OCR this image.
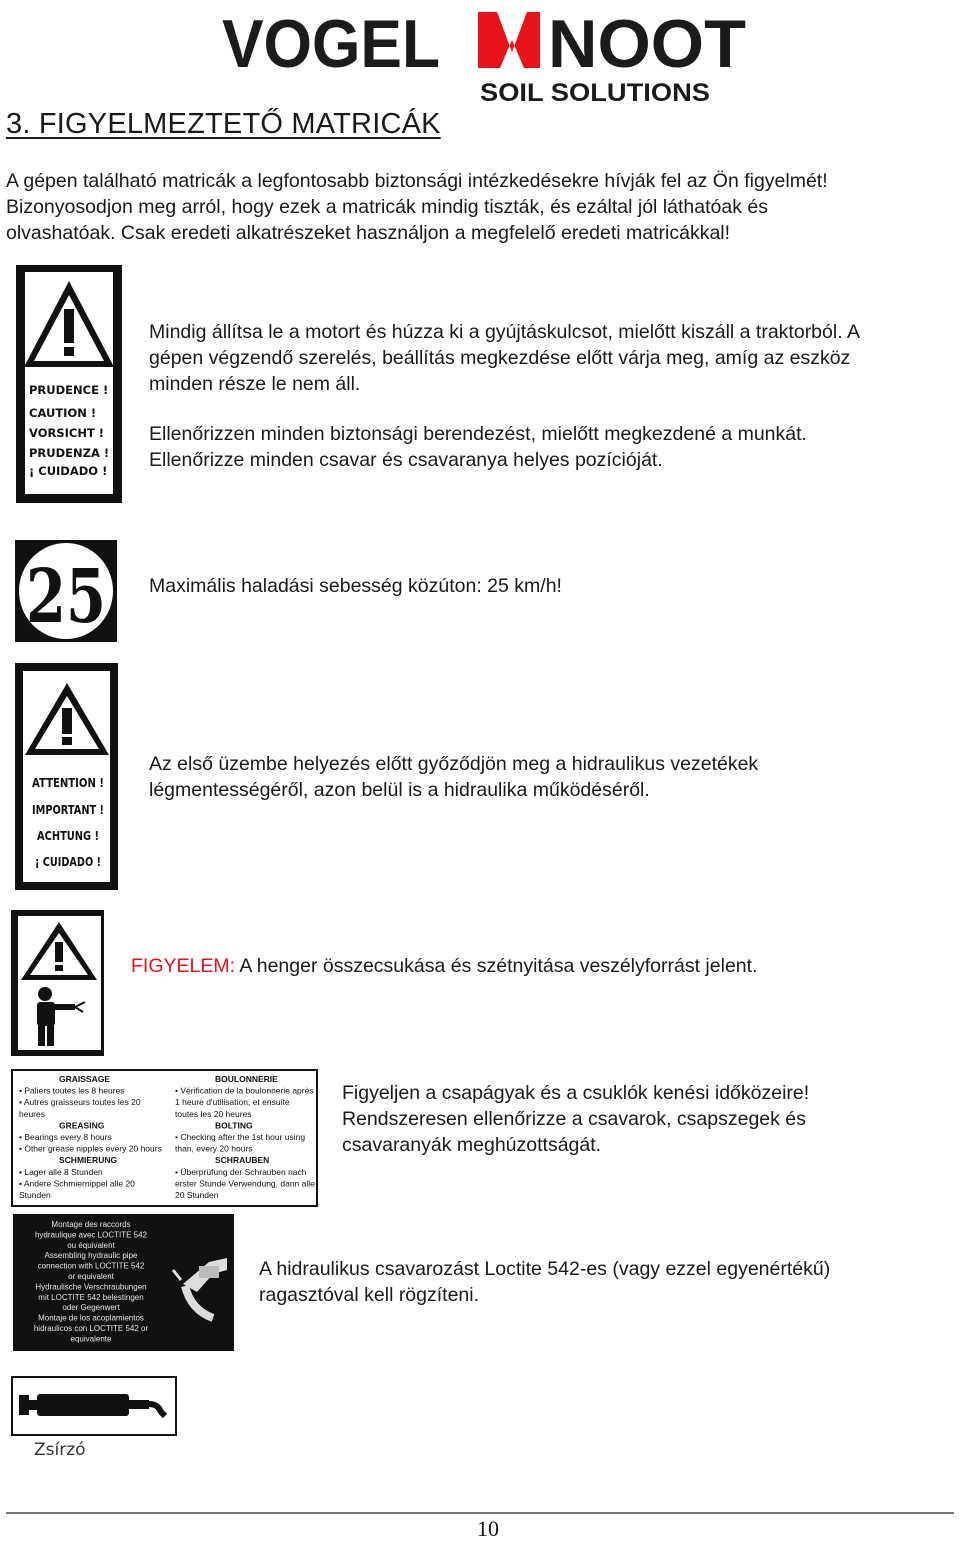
VOGEL NOOT
SOIL SOLUTIONS
3. FIGYELMEZTETŐ MATRICÁK
A gépen található matricák a legfontosabb biztonsági intézkedésekre hívják fel az Ön figyelmét!
Bizonyosodjon meg arról, hogy ezek a matricák mindig tiszták, és ezáltal jól láthatóak és
olvashatóak. Csak eredeti alkatrészeket használjon a megfelelő eredeti matricákkal!
PRUDENCE !
CAUTION !
VORSICHT !
PRUDENZA !
¡ CUIDADO !
Mindig állítsa le a motort és húzza ki a gyújtáskulcsot, mielőtt kiszáll a traktorból. A
gépen végzendő szerelés, beállítás megkezdése előtt várja meg, amíg az eszköz
minden része le nem áll.
Ellenőrizzen minden biztonsági berendezést, mielőtt megkezdené a munkát.
Ellenőrizze minden csavar és csavaranya helyes pozícióját.
25 Maximális haladási sebesség közúton: 25 km/h!
ATTENTION !
IMPORTANT !
ACHTUNG !
¡ CUIDADO !
Az első üzembe helyezés előtt győződjön meg a hidraulikus vezetékek
légmentességéről, azon belül is a hidraulika működéséről.
FIGYELEM: A henger összecsukása és szétnyitása veszélyforrást jelent.
GRAISSAGE
• Paliers toutes les 8 heures
• Autres graisseurs toutes les 20
heures
GREASING
• Bearings every 8 hours
• Other grease nipples every 20 hours
SCHMIERUNG
• Lager alle 8 Stunden
• Andere Schmiernippel alle 20
Stunden
BOULONNERIE
• Vérification de la boulonnerie après
1 heure d'utilisation, et ensuite
toutes les 20 heures
BOLTING
• Checking after the 1st hour using
than, every 20 hours
SCHRAUBEN
• Überprüfung der Schrauben nach
erster Stunde Verwendung, dann alle
20 Stunden
Figyeljen a csapágyak és a csuklók kenési időközeire!
Rendszeresen ellenőrizze a csavarok, csapszegek és
csavaranyák meghúzottságát.
Montage des raccords
hydraulique avec LOCTITE 542
ou équivalent
Assembling hydraulic pipe
connection with LOCTITE 542
or equivalent
Hydraulische Verschraubungen
mit LOCTITE 542 belestingen
oder Gegenwert
Montaje de los acoplamientos
hidraulicos con LOCTITE 542 or
equivalente
A hidraulikus csavarozást Loctite 542-es (vagy ezzel egyenértékű)
ragasztóval kell rögzíteni.
Zsírzó
10
